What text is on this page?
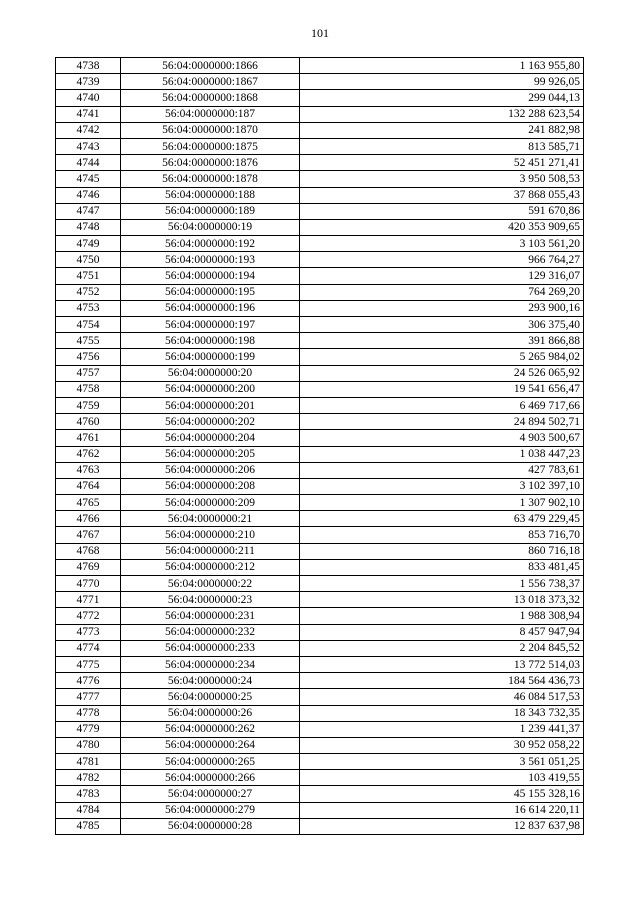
101
4738	56:04:0000000:1866	1 163 955,80
4739	56:04:0000000:1867	99 926,05
4740	56:04:0000000:1868	299 044,13
4741	56:04:0000000:187	132 288 623,54
4742	56:04:0000000:1870	241 882,98
4743	56:04:0000000:1875	813 585,71
4744	56:04:0000000:1876	52 451 271,41
4745	56:04:0000000:1878	3 950 508,53
4746	56:04:0000000:188	37 868 055,43
4747	56:04:0000000:189	591 670,86
4748	56:04:0000000:19	420 353 909,65
4749	56:04:0000000:192	3 103 561,20
4750	56:04:0000000:193	966 764,27
4751	56:04:0000000:194	129 316,07
4752	56:04:0000000:195	764 269,20
4753	56:04:0000000:196	293 900,16
4754	56:04:0000000:197	306 375,40
4755	56:04:0000000:198	391 866,88
4756	56:04:0000000:199	5 265 984,02
4757	56:04:0000000:20	24 526 065,92
4758	56:04:0000000:200	19 541 656,47
4759	56:04:0000000:201	6 469 717,66
4760	56:04:0000000:202	24 894 502,71
4761	56:04:0000000:204	4 903 500,67
4762	56:04:0000000:205	1 038 447,23
4763	56:04:0000000:206	427 783,61
4764	56:04:0000000:208	3 102 397,10
4765	56:04:0000000:209	1 307 902,10
4766	56:04:0000000:21	63 479 229,45
4767	56:04:0000000:210	853 716,70
4768	56:04:0000000:211	860 716,18
4769	56:04:0000000:212	833 481,45
4770	56:04:0000000:22	1 556 738,37
4771	56:04:0000000:23	13 018 373,32
4772	56:04:0000000:231	1 988 308,94
4773	56:04:0000000:232	8 457 947,94
4774	56:04:0000000:233	2 204 845,52
4775	56:04:0000000:234	13 772 514,03
4776	56:04:0000000:24	184 564 436,73
4777	56:04:0000000:25	46 084 517,53
4778	56:04:0000000:26	18 343 732,35
4779	56:04:0000000:262	1 239 441,37
4780	56:04:0000000:264	30 952 058,22
4781	56:04:0000000:265	3 561 051,25
4782	56:04:0000000:266	103 419,55
4783	56:04:0000000:27	45 155 328,16
4784	56:04:0000000:279	16 614 220,11
4785	56:04:0000000:28	12 837 637,98
